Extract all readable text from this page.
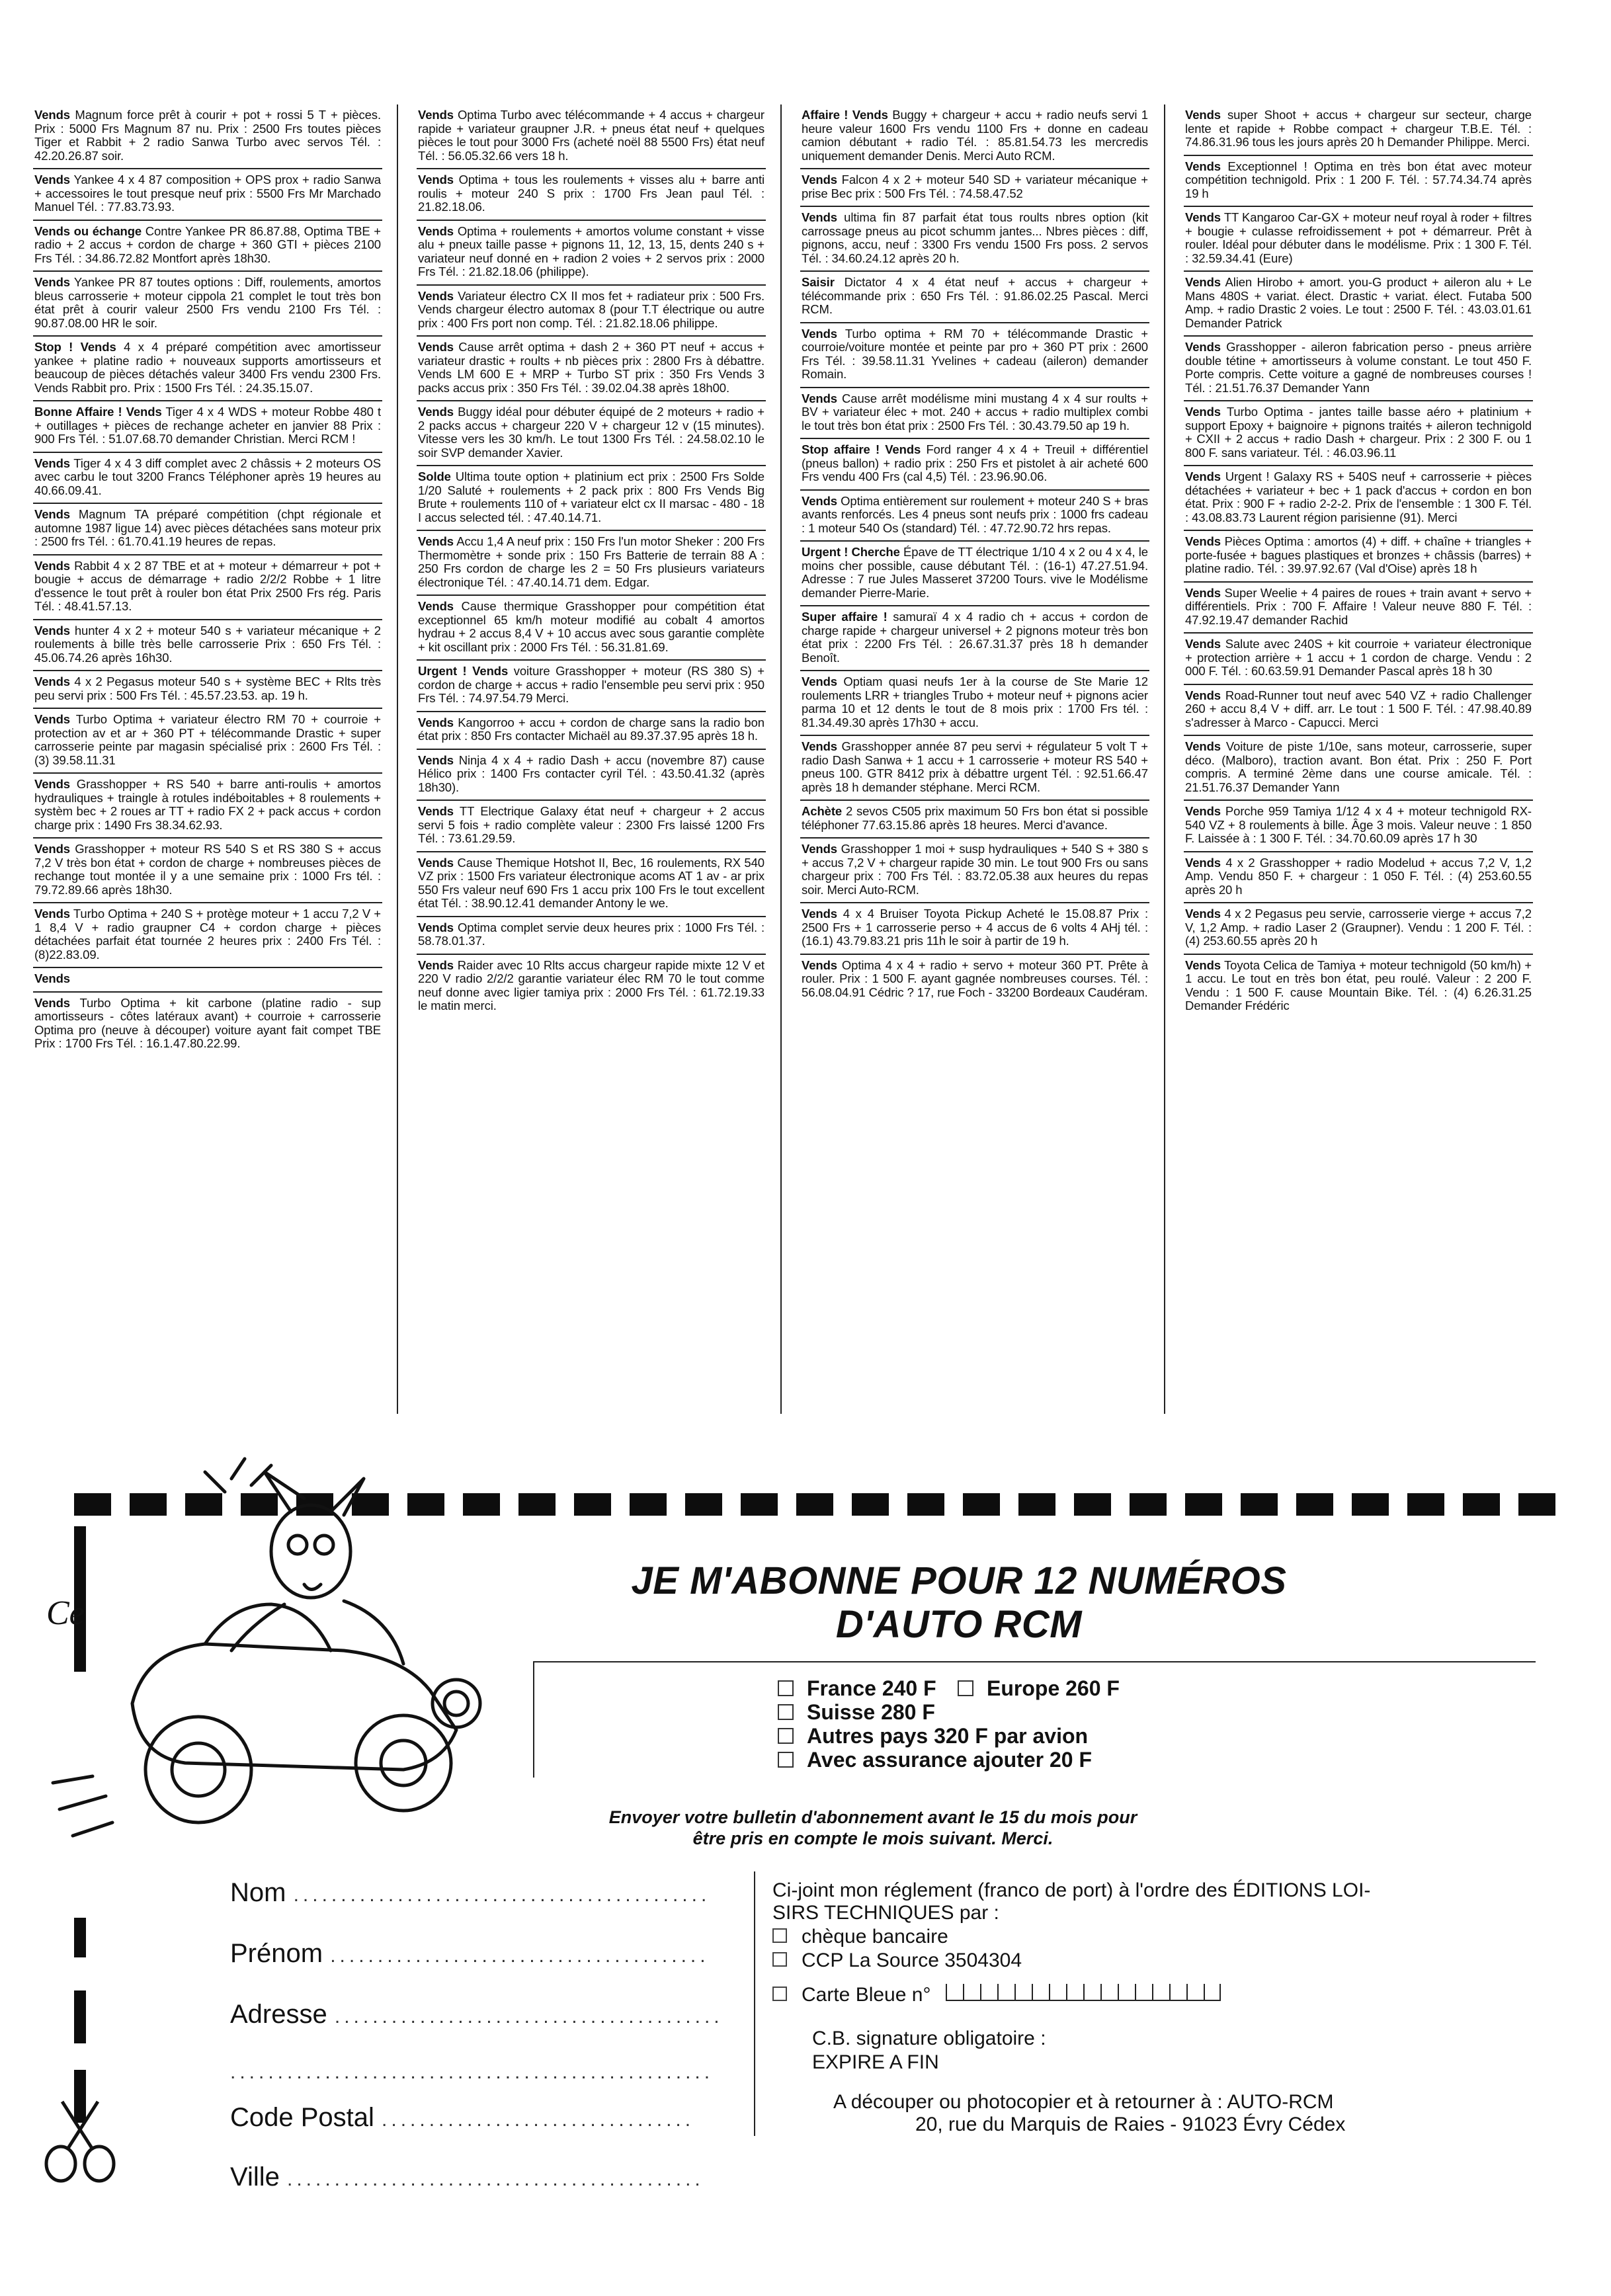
Vends Magnum force prêt à courir + pot + rossi 5 T + pièces. Prix : 5000 Frs Magnum 87 nu. Prix : 2500 Frs toutes pièces Tiger et Rabbit + 2 radio Sanwa Turbo avec servos Tél. : 42.20.26.87 soir.
Vends Yankee 4 x 4 87 composition + OPS prox + radio Sanwa + accessoires le tout presque neuf prix : 5500 Frs Mr Marchado Manuel Tél. : 77.83.73.93.
Vends ou échange Contre Yankee PR 86.87.88, Optima TBE + radio + 2 accus + cordon de charge + 360 GTI + pièces 2100 Frs Tél. : 34.86.72.82 Montfort après 18h30.
Vends Yankee PR 87 toutes options : Diff, roulements, amortos bleus carrosserie + moteur cippola 21 complet le tout très bon état prêt à courir valeur 2500 Frs vendu 2100 Frs Tél. : 90.87.08.00 HR le soir.
Stop ! Vends 4 x 4 préparé compétition avec amortisseur yankee + platine radio + nouveaux supports amortisseurs et beaucoup de pièces détachés valeur 3400 Frs vendu 2300 Frs. Vends Rabbit pro. Prix : 1500 Frs Tél. : 24.35.15.07.
Bonne Affaire ! Vends Tiger 4 x 4 WDS + moteur Robbe 480 t + outillages + pièces de rechange acheter en janvier 88 Prix : 900 Frs Tél. : 51.07.68.70 demander Christian. Merci RCM !
Vends Tiger 4 x 4 3 diff complet avec 2 châssis + 2 moteurs OS avec carbu le tout 3200 Francs Téléphoner après 19 heures au 40.66.09.41.
Vends Magnum TA préparé compétition (chpt régionale et automne 1987 ligue 14) avec pièces détachées sans moteur prix : 2500 frs Tél. : 61.70.41.19 heures de repas.
Vends Rabbit 4 x 2 87 TBE et at + moteur + démarreur + pot + bougie + accus de démarrage + radio 2/2/2 Robbe + 1 litre d'essence le tout prêt à rouler bon état Prix 2500 Frs rég. Paris Tél. : 48.41.57.13.
Vends hunter 4 x 2 + moteur 540 s + variateur mécanique + 2 roulements à bille très belle carrosserie Prix : 650 Frs Tél. : 45.06.74.26 après 16h30.
Vends 4 x 2 Pegasus moteur 540 s + système BEC + Rlts très peu servi prix : 500 Frs Tél. : 45.57.23.53. ap. 19 h.
Vends Turbo Optima + variateur électro RM 70 + courroie + protection av et ar + 360 PT + télécommande Drastic + super carrosserie peinte par magasin spécialisé prix : 2600 Frs Tél. : (3) 39.58.11.31
Vends Grasshopper + RS 540 + barre anti-roulis + amortos hydrauliques + traingle à rotules indéboitables + 8 roulements + systèm bec + 2 roues ar TT + radio FX 2 + pack accus + cordon charge prix : 1490 Frs 38.34.62.93.
Vends Grasshopper + moteur RS 540 S et RS 380 S + accus 7,2 V très bon état + cordon de charge + nombreuses pièces de rechange tout montée il y a une semaine prix : 1000 Frs tél. : 79.72.89.66 après 18h30.
Vends Turbo Optima + 240 S + protège moteur + 1 accu 7,2 V + 1 8,4 V + radio graupner C4 + cordon charge + pièces détachées parfait état tournée 2 heures prix : 2400 Frs Tél. : (8)22.83.09.
Vends
Vends Turbo Optima + kit carbone (platine radio - sup amortisseurs - côtes latéraux avant) + courroie + carrosserie Optima pro (neuve à découper) voiture ayant fait compet TBE Prix : 1700 Frs Tél. : 16.1.47.80.22.99.
Vends Optima Turbo avec télécommande + 4 accus + chargeur rapide + variateur graupner J.R. + pneus état neuf + quelques pièces le tout pour 3000 Frs (acheté noël 88 5500 Frs) état neuf Tél. : 56.05.32.66 vers 18 h.
Vends Optima + tous les roulements + visses alu + barre anti roulis + moteur 240 S prix : 1700 Frs Jean paul Tél. : 21.82.18.06.
Vends Optima + roulements + amortos volume constant + visse alu + pneux taille passe + pignons 11, 12, 13, 15, dents 240 s + variateur neuf donné en + radion 2 voies + 2 servos prix : 2000 Frs Tél. : 21.82.18.06 (philippe).
Vends Variateur électro CX II mos fet + radiateur prix : 500 Frs. Vends chargeur électro automax 8 (pour T.T électrique ou autre prix : 400 Frs port non comp. Tél. : 21.82.18.06 philippe.
Vends Cause arrêt optima + dash 2 + 360 PT neuf + accus + variateur drastic + roults + nb pièces prix : 2800 Frs à débattre. Vends LM 600 E + MRP + Turbo ST prix : 350 Frs Vends 3 packs accus prix : 350 Frs Tél. : 39.02.04.38 après 18h00.
Vends Buggy idéal pour débuter équipé de 2 moteurs + radio + 2 packs accus + chargeur 220 V + chargeur 12 v (15 minutes). Vitesse vers les 30 km/h. Le tout 1300 Frs Tél. : 24.58.02.10 le soir SVP demander Xavier.
Solde Ultima toute option + platinium ect prix : 2500 Frs Solde 1/20 Saluté + roulements + 2 pack prix : 800 Frs Vends Big Brute + roulements 110 of + variateur elct cx II marsac - 480 - 18 I accus selected tél. : 47.40.14.71.
Vends Accu 1,4 A neuf prix : 150 Frs l'un motor Sheker : 200 Frs Thermomètre + sonde prix : 150 Frs Batterie de terrain 88 A : 250 Frs cordon de charge les 2 = 50 Frs plusieurs variateurs électronique Tél. : 47.40.14.71 dem. Edgar.
Vends Cause thermique Grasshopper pour compétition état exceptionnel 65 km/h moteur modifié au cobalt 4 amortos hydrau + 2 accus 8,4 V + 10 accus avec sous garantie complète + kit oscillant prix : 2000 Frs Tél. : 56.31.81.69.
Urgent ! Vends voiture Grasshopper + moteur (RS 380 S) + cordon de charge + accus + radio l'ensemble peu servi prix : 950 Frs Tél. : 74.97.54.79 Merci.
Vends Kangorroo + accu + cordon de charge sans la radio bon état prix : 850 Frs contacter Michaël au 89.37.37.95 après 18 h.
Vends Ninja 4 x 4 + radio Dash + accu (novembre 87) cause Hélico prix : 1400 Frs contacter cyril Tél. : 43.50.41.32 (après 18h30).
Vends TT Electrique Galaxy état neuf + chargeur + 2 accus servi 5 fois + radio complète valeur : 2300 Frs laissé 1200 Frs Tél. : 73.61.29.59.
Vends Cause Themique Hotshot II, Bec, 16 roulements, RX 540 VZ prix : 1500 Frs variateur électronique acoms AT 1 av - ar prix 550 Frs valeur neuf 690 Frs 1 accu prix 100 Frs le tout excellent état Tél. : 38.90.12.41 demander Antony le we.
Vends Optima complet servie deux heures prix : 1000 Frs Tél. : 58.78.01.37.
Vends Raider avec 10 Rlts accus chargeur rapide mixte 12 V et 220 V radio 2/2/2 garantie variateur élec RM 70 le tout comme neuf donne avec ligier tamiya prix : 2000 Frs Tél. : 61.72.19.33 le matin merci.
Affaire ! Vends Buggy + chargeur + accu + radio neufs servi 1 heure valeur 1600 Frs vendu 1100 Frs + donne en cadeau camion débutant + radio Tél. : 85.81.54.73 les mercredis uniquement demander Denis. Merci Auto RCM.
Vends Falcon 4 x 2 + moteur 540 SD + variateur mécanique + prise Bec prix : 500 Frs Tél. : 74.58.47.52
Vends ultima fin 87 parfait état tous roults nbres option (kit carrossage pneus au picot schumm jantes... Nbres pièces : diff, pignons, accu, neuf : 3300 Frs vendu 1500 Frs poss. 2 servos Tél. : 34.60.24.12 après 20 h.
Saisir Dictator 4 x 4 état neuf + accus + chargeur + télécommande prix : 650 Frs Tél. : 91.86.02.25 Pascal. Merci RCM.
Vends Turbo optima + RM 70 + télécommande Drastic + courroie/voiture montée et peinte par pro + 360 PT prix : 2600 Frs Tél. : 39.58.11.31 Yvelines + cadeau (aileron) demander Romain.
Vends Cause arrêt modélisme mini mustang 4 x 4 sur roults + BV + variateur élec + mot. 240 + accus + radio multiplex combi le tout très bon état prix : 2500 Frs Tél. : 30.43.79.50 ap 19 h.
Stop affaire ! Vends Ford ranger 4 x 4 + Treuil + différentiel (pneus ballon) + radio prix : 250 Frs et pistolet à air acheté 600 Frs vendu 400 Frs (cal 4,5) Tél. : 23.96.90.06.
Vends Optima entièrement sur roulement + moteur 240 S + bras avants renforcés. Les 4 pneus sont neufs prix : 1000 frs cadeau : 1 moteur 540 Os (standard) Tél. : 47.72.90.72 hrs repas.
Urgent ! Cherche Épave de TT électrique 1/10 4 x 2 ou 4 x 4, le moins cher possible, cause débutant Tél. : (16-1) 47.27.51.94. Adresse : 7 rue Jules Masseret 37200 Tours. vive le Modélisme demander Pierre-Marie.
Super affaire ! samuraï 4 x 4 radio ch + accus + cordon de charge rapide + chargeur universel + 2 pignons moteur très bon état prix : 2200 Frs Tél. : 26.67.31.37 près 18 h demander Benoît.
Vends Optiam quasi neufs 1er à la course de Ste Marie 12 roulements LRR + triangles Trubo + moteur neuf + pignons acier parma 10 et 12 dents le tout de 8 mois prix : 1700 Frs tél. : 81.34.49.30 après 17h30 + accu.
Vends Grasshopper année 87 peu servi + régulateur 5 volt T + radio Dash Sanwa + 1 accu + 1 carrosserie + moteur RS 540 + pneus 100. GTR 8412 prix à débattre urgent Tél. : 92.51.66.47 après 18 h demander stéphane. Merci RCM.
Achète 2 sevos C505 prix maximum 50 Frs bon état si possible téléphoner 77.63.15.86 après 18 heures. Merci d'avance.
Vends Grasshopper 1 moi + susp hydrauliques + 540 S + 380 s + accus 7,2 V + chargeur rapide 30 min. Le tout 900 Frs ou sans chargeur prix : 700 Frs Tél. : 83.72.05.38 aux heures du repas soir. Merci Auto-RCM.
Vends 4 x 4 Bruiser Toyota Pickup Acheté le 15.08.87 Prix : 2500 Frs + 1 carrosserie perso + 4 accus de 6 volts 4 AHj tél. : (16.1) 43.79.83.21 pris 11h le soir à partir de 19 h.
Vends Optima 4 x 4 + radio + servo + moteur 360 PT. Prête à rouler. Prix : 1 500 F. ayant gagnée nombreuses courses. Tél. : 56.08.04.91 Cédric ? 17, rue Foch - 33200 Bordeaux Caudéram.
Vends super Shoot + accus + chargeur sur secteur, charge lente et rapide + Robbe compact + chargeur T.B.E. Tél. : 74.86.31.96 tous les jours après 20 h Demander Philippe. Merci.
Vends Exceptionnel ! Optima en très bon état avec moteur compétition technigold. Prix : 1 200 F. Tél. : 57.74.34.74 après 19 h
Vends TT Kangaroo Car-GX + moteur neuf royal à roder + filtres + bougie + culasse refroidissement + pot + démarreur. Prêt à rouler. Idéal pour débuter dans le modélisme. Prix : 1 300 F. Tél. : 32.59.34.41 (Eure)
Vends Alien Hirobo + amort. you-G product + aileron alu + Le Mans 480S + variat. élect. Drastic + variat. élect. Futaba 500 Amp. + radio Drastic 2 voies. Le tout : 2500 F. Tél. : 43.03.01.61 Demander Patrick
Vends Grasshopper - aileron fabrication perso - pneus arrière double tétine + amortisseurs à volume constant. Le tout 450 F. Porte compris. Cette voiture a gagné de nombreuses courses ! Tél. : 21.51.76.37 Demander Yann
Vends Turbo Optima - jantes taille basse aéro + platinium + support Epoxy + baignoire + pignons traités + aileron technigold + CXII + 2 accus + radio Dash + chargeur. Prix : 2 300 F. ou 1 800 F. sans variateur. Tél. : 46.03.96.11
Vends Urgent ! Galaxy RS + 540S neuf + carrosserie + pièces détachées + variateur + bec + 1 pack d'accus + cordon en bon état. Prix : 900 F + radio 2-2-2. Prix de l'ensemble : 1 300 F. Tél. : 43.08.83.73 Laurent région parisienne (91). Merci
Vends Pièces Optima : amortos (4) + diff. + chaîne + triangles + porte-fusée + bagues plastiques et bronzes + châssis (barres) + platine radio. Tél. : 39.97.92.67 (Val d'Oise) après 18 h
Vends Super Weelie + 4 paires de roues + train avant + servo + différentiels. Prix : 700 F. Affaire ! Valeur neuve 880 F. Tél. : 47.92.19.47 demander Rachid
Vends Salute avec 240S + kit courroie + variateur électronique + protection arrière + 1 accu + 1 cordon de charge. Vendu : 2 000 F. Tél. : 60.63.59.91 Demander Pascal après 18 h 30
Vends Road-Runner tout neuf avec 540 VZ + radio Challenger 260 + accu 8,4 V + diff. arr. Le tout : 1 500 F. Tél. : 47.98.40.89 s'adresser à Marco - Capucci. Merci
Vends Voiture de piste 1/10e, sans moteur, carrosserie, super déco. (Malboro), traction avant. Bon état. Prix : 250 F. Port compris. A terminé 2ème dans une course amicale. Tél. : 21.51.76.37 Demander Yann
Vends Porche 959 Tamiya 1/12 4 x 4 + moteur technigold RX-540 VZ + 8 roulements à bille. Âge 3 mois. Valeur neuve : 1 850 F. Laissée à : 1 300 F. Tél. : 34.70.60.09 après 17 h 30
Vends 4 x 2 Grasshopper + radio Modelud + accus 7,2 V, 1,2 Amp. Vendu 850 F. + chargeur : 1 050 F. Tél. : (4) 253.60.55 après 20 h
Vends 4 x 2 Pegasus peu servie, carrosserie vierge + accus 7,2 V, 1,2 Amp. + radio Laser 2 (Graupner). Vendu : 1 200 F. Tél. : (4) 253.60.55 après 20 h
Vends Toyota Celica de Tamiya + moteur technigold (50 km/h) + 1 accu. Le tout en très bon état, peu roulé. Valeur : 2 200 F. Vendu : 1 500 F. cause Mountain Bike. Tél. : (4) 6.26.31.25 Demander Frédéric
Ce
JE M'ABONNE POUR 12 NUMÉROS
D'AUTO RCM
France 240 F	Europe 260 F
Suisse 280 F
Autres pays 320 F par avion
Avec assurance ajouter 20 F
Envoyer votre bulletin d'abonnement avant le 15 du mois pour
être pris en compte le mois suivant. Merci.
Nom ............................................
Prénom ........................................
Adresse .........................................
...................................................
Code Postal .................................
Ville ............................................
Ci-joint mon réglement (franco de port) à l'ordre des ÉDITIONS LOI-
SIRS TECHNIQUES par :
chèque bancaire
CCP La Source 3504304
Carte Bleue n°
C.B. signature obligatoire :
EXPIRE A FIN
A découper ou photocopier et à retourner à : AUTO-RCM
20, rue du Marquis de Raies - 91023 Évry Cédex
